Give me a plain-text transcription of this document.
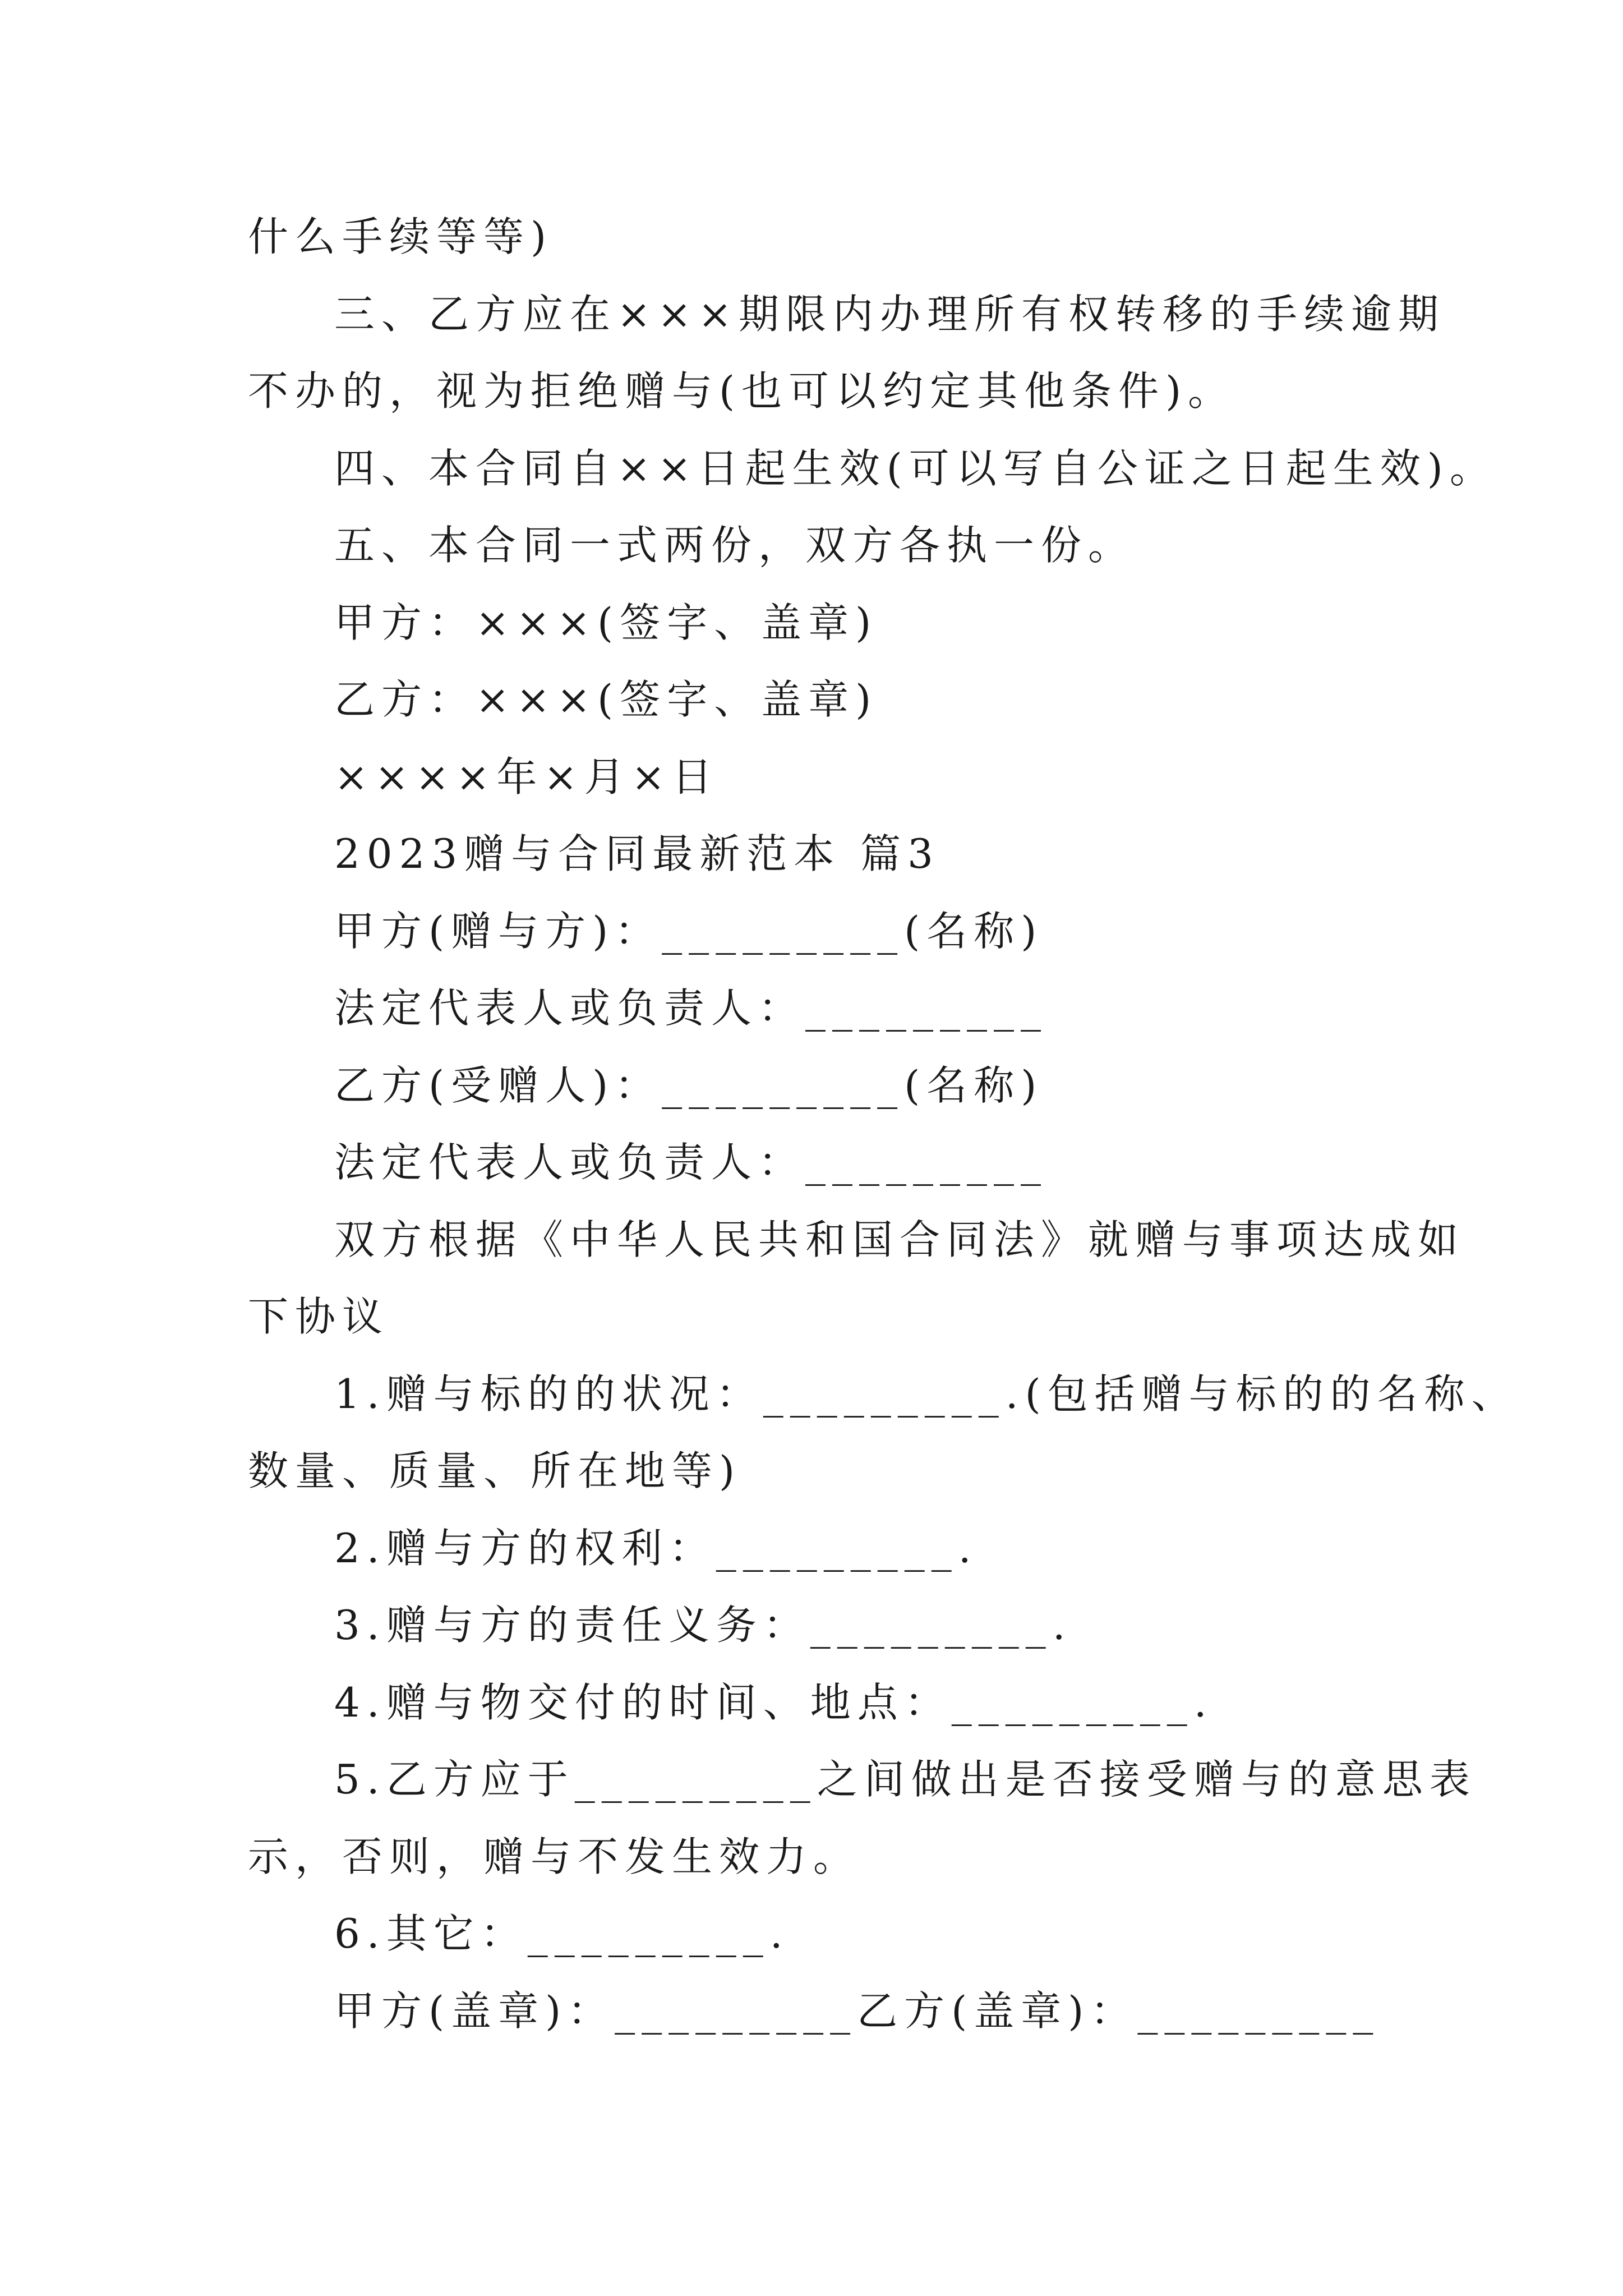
什么手续等等)
三、乙方应在×××期限内办理所有权转移的手续逾期
不办的，视为拒绝赠与(也可以约定其他条件)。
四、本合同自××日起生效(可以写自公证之日起生效)。
五、本合同一式两份，双方各执一份。
甲方：×××(签字、盖章)
乙方：×××(签字、盖章)
××××年×月×日
2023赠与合同最新范本 篇3
甲方(赠与方)：_________(名称)
法定代表人或负责人：_________
乙方(受赠人)：_________(名称)
法定代表人或负责人：_________
双方根据《中华人民共和国合同法》就赠与事项达成如
下协议
1.赠与标的的状况：_________.(包括赠与标的的名称、
数量、质量、所在地等)
2.赠与方的权利：_________.
3.赠与方的责任义务：_________.
4.赠与物交付的时间、地点：_________.
5.乙方应于_________之间做出是否接受赠与的意思表
示，否则，赠与不发生效力。
6.其它：_________.
甲方(盖章)：_________乙方(盖章)：_________
